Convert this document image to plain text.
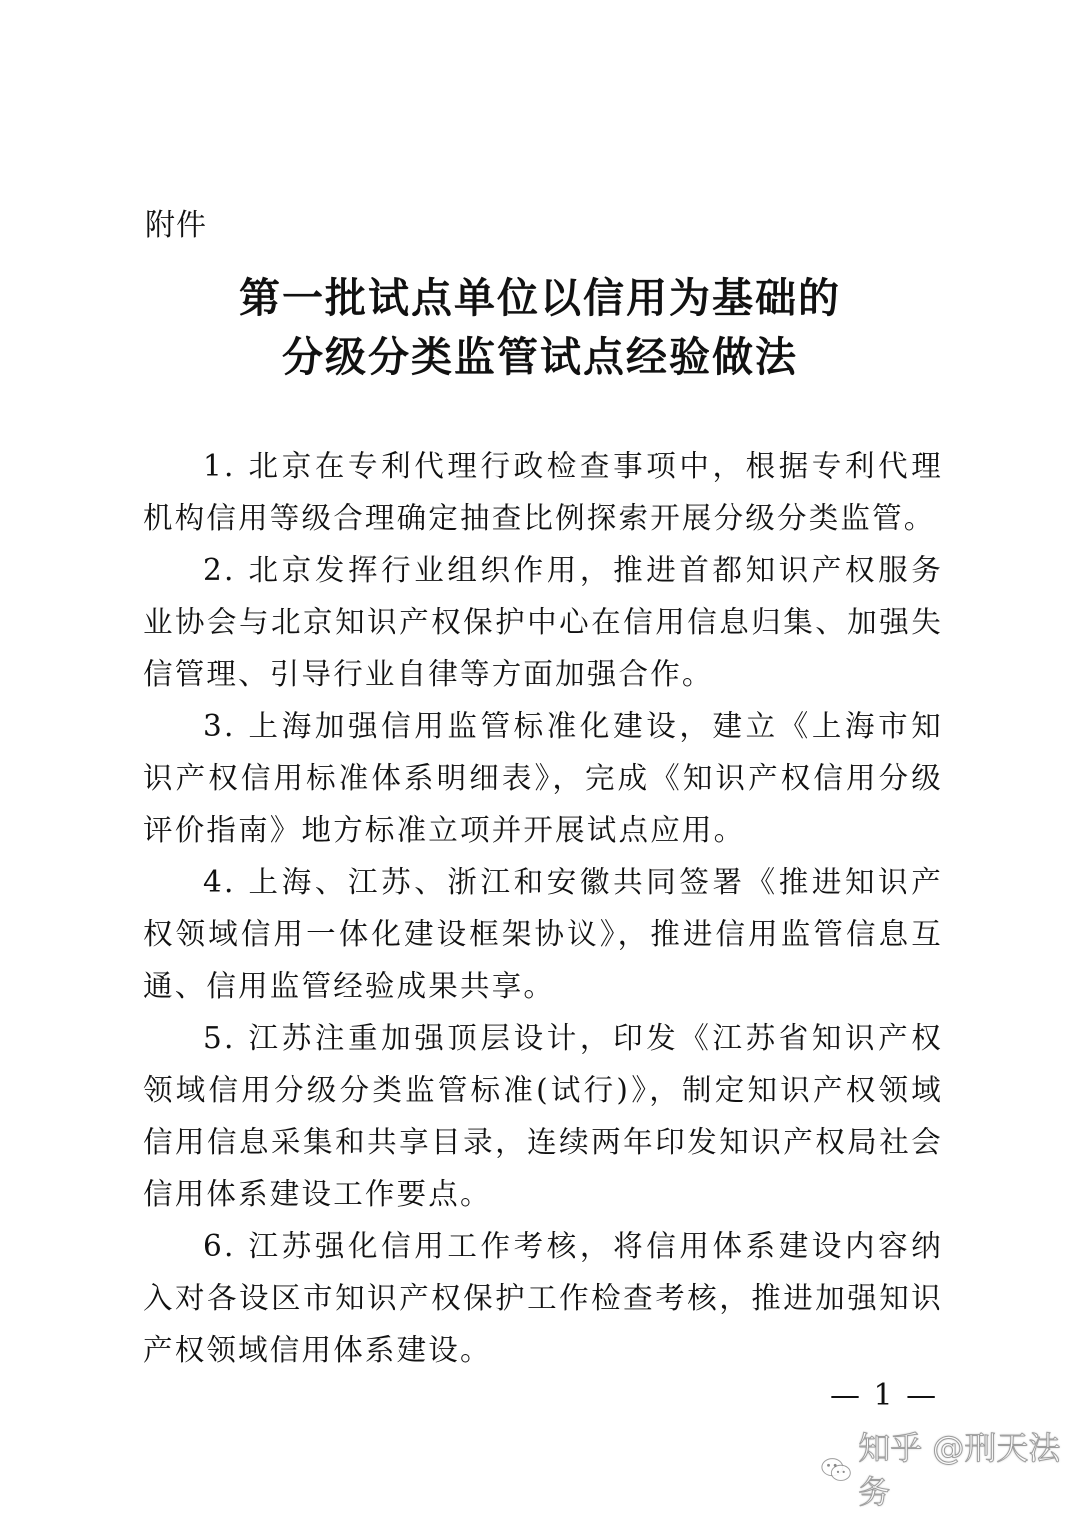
附件
第一批试点单位以信用为基础的
分级分类监管试点经验做法

1. 北京在专利代理行政检查事项中，根据专利代理机构信用等级合理确定抽查比例探索开展分级分类监管。

2. 北京发挥行业组织作用，推进首都知识产权服务业协会与北京知识产权保护中心在信用信息归集、加强失信管理、引导行业自律等方面加强合作。

3. 上海加强信用监管标准化建设，建立《上海市知识产权信用标准体系明细表》，完成《知识产权信用分级评价指南》地方标准立项并开展试点应用。

4. 上海、江苏、浙江和安徽共同签署《推进知识产权领域信用一体化建设框架协议》，推进信用监管信息互通、信用监管经验成果共享。

5. 江苏注重加强顶层设计，印发《江苏省知识产权领域信用分级分类监管标准(试行)》，制定知识产权领域信用信息采集和共享目录，连续两年印发知识产权局社会信用体系建设工作要点。

6. 江苏强化信用工作考核，将信用体系建设内容纳入对各设区市知识产权保护工作检查考核，推进加强知识产权领域信用体系建设。

— 1 —
知乎 @刑天法务
